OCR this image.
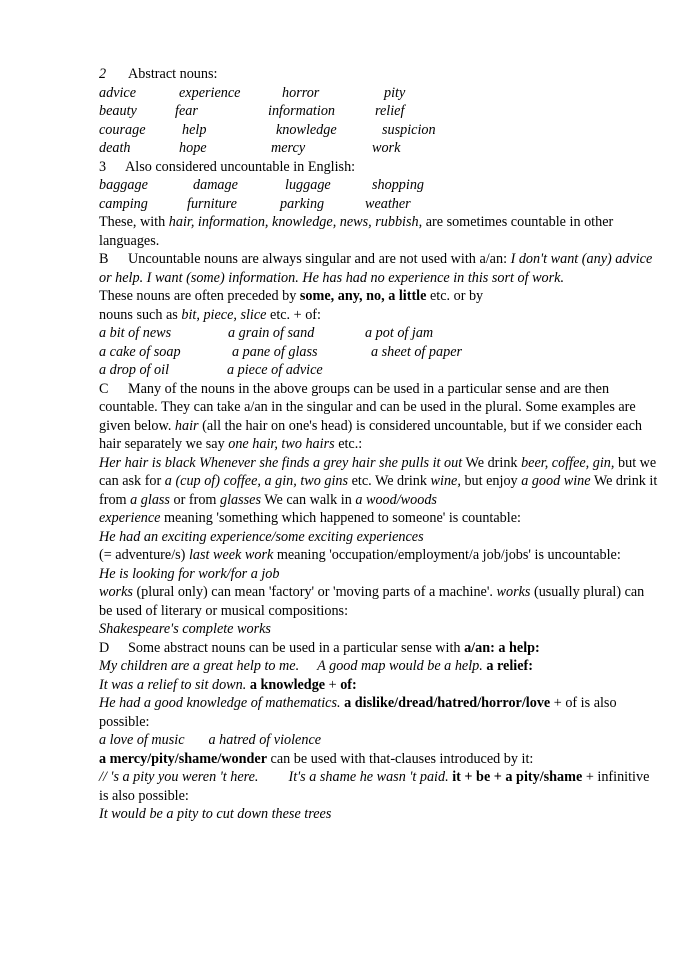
2 Abstract nouns:
advice	experience	horror	pity
beauty	fear	information	relief
courage	help	knowledge	suspicion
death	hope	mercy	work
3 Also considered uncountable in English:
baggage	damage	luggage	shopping
camping	furniture	parking	weather
These, with hair, information, knowledge, news, rubbish, are sometimes countable in other languages.
B Uncountable nouns are always singular and are not used with a/an: I don't want (any) advice or help. I want (some) information. He has had no experience in this sort of work.
These nouns are often preceded by some, any, no, a little etc. or by
nouns such as bit, piece, slice etc. + of:
a bit of news	a grain of sand	a pot of jam
a cake of soap	a pane of glass	a sheet of paper
a drop of oil	a piece of advice
C Many of the nouns in the above groups can be used in a particular sense and are then countable. They can take a/an in the singular and can be used in the plural. Some examples are given below. hair (all the hair on one's head) is considered uncountable, but if we consider each hair separately we say one hair, two hairs etc.:
Her hair is black Whenever she finds a grey hair she pulls it out We drink beer, coffee, gin, but we can ask for a (cup of) coffee, a gin, two gins etc. We drink wine, but enjoy a good wine We drink it from a glass or from glasses We can walk in a wood/woods
experience meaning 'something which happened to someone' is countable:
He had an exciting experience/some exciting experiences
(= adventure/s) last week work meaning 'occupation/employment/a job/jobs' is uncountable:
He is looking for work/for a job
works (plural only) can mean 'factory' or 'moving parts of a machine'. works (usually plural) can be used of literary or musical compositions:
Shakespeare's complete works
D Some abstract nouns can be used in a particular sense with a/an: a help:
My children are a great help to me. A good map would be a help. a relief:
It was a relief to sit down. a knowledge + of:
He had a good knowledge of mathematics. a dislike/dread/hatred/horror/love + of is also possible:
a love of music a hatred of violence
a mercy/pity/shame/wonder can be used with that-clauses introduced by it:
// 's a pity you weren 't here. It's a shame he wasn 't paid. it + be + a pity/shame + infinitive is also possible:
It would be a pity to cut down these trees
